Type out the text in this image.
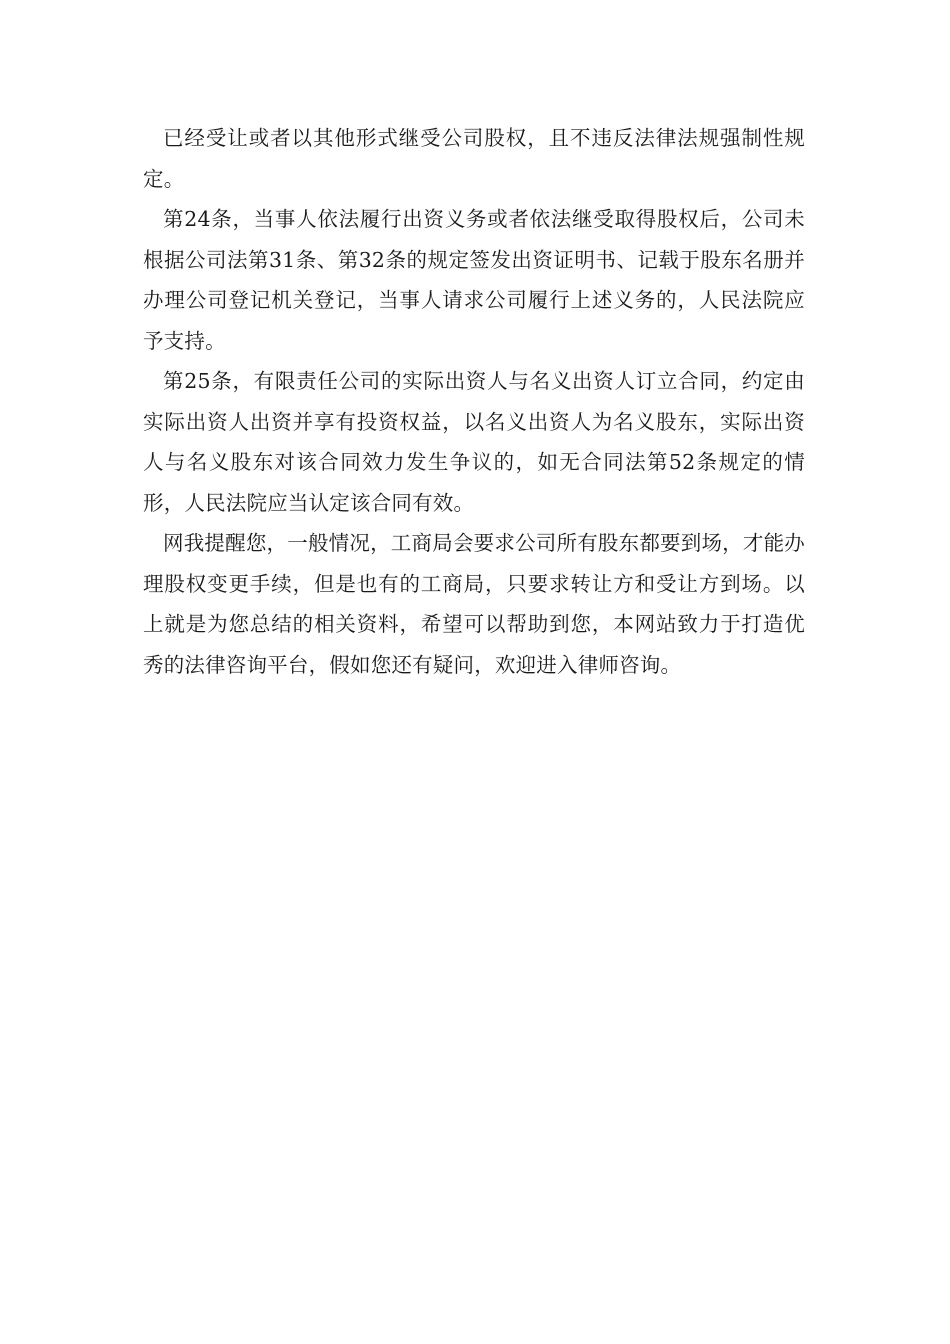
已经受让或者以其他形式继受公司股权，且不违反法律法规强制性规定。

第24条，当事人依法履行出资义务或者依法继受取得股权后，公司未根据公司法第31条、第32条的规定签发出资证明书、记载于股东名册并办理公司登记机关登记，当事人请求公司履行上述义务的，人民法院应予支持。

第25条，有限责任公司的实际出资人与名义出资人订立合同，约定由实际出资人出资并享有投资权益，以名义出资人为名义股东，实际出资人与名义股东对该合同效力发生争议的，如无合同法第52条规定的情形，人民法院应当认定该合同有效。

网我提醒您，一般情况，工商局会要求公司所有股东都要到场，才能办理股权变更手续，但是也有的工商局，只要求转让方和受让方到场。以上就是为您总结的相关资料，希望可以帮助到您，本网站致力于打造优秀的法律咨询平台，假如您还有疑问，欢迎进入律师咨询。
